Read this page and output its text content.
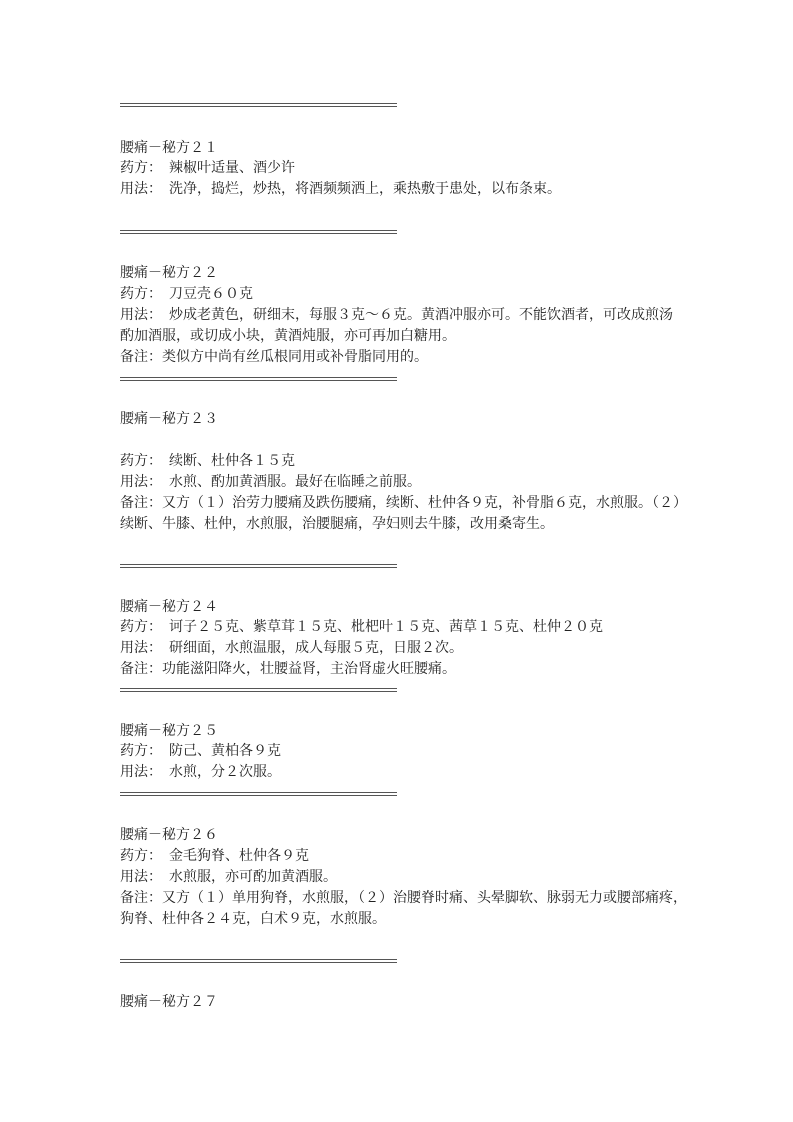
腰痛－秘方２１
药方：　辣椒叶适量、酒少许
用法：　洗净，捣烂，炒热，将酒频频洒上，乘热敷于患处，以布条束。
腰痛－秘方２２
药方：　刀豆壳６０克
用法：　炒成老黄色，研细末，每服３克～６克。黄酒冲服亦可。不能饮酒者，可改成煎汤
酌加酒服，或切成小块，黄酒炖服，亦可再加白糖用。
备注：类似方中尚有丝瓜根同用或补骨脂同用的。
腰痛－秘方２３
药方：　续断、杜仲各１５克
用法：　水煎、酌加黄酒服。最好在临睡之前服。
备注：又方（１）治劳力腰痛及跌伤腰痛，续断、杜仲各９克，补骨脂６克，水煎服。（２）
续断、牛膝、杜仲，水煎服，治腰腿痛，孕妇则去牛膝，改用桑寄生。
腰痛－秘方２４
药方：　诃子２５克、紫草茸１５克、枇杷叶１５克、茜草１５克、杜仲２０克
用法：　研细面，水煎温服，成人每服５克，日服２次。
备注：功能滋阳降火，壮腰益肾，主治肾虚火旺腰痛。
腰痛－秘方２５
药方：　防己、黄柏各９克
用法：　水煎，分２次服。
腰痛－秘方２６
药方：　金毛狗脊、杜仲各９克
用法：　水煎服，亦可酌加黄酒服。
备注：又方（１）单用狗脊，水煎服，（２）治腰脊时痛、头晕脚软、脉弱无力或腰部痛疼，
狗脊、杜仲各２４克，白术９克，水煎服。
腰痛－秘方２７
